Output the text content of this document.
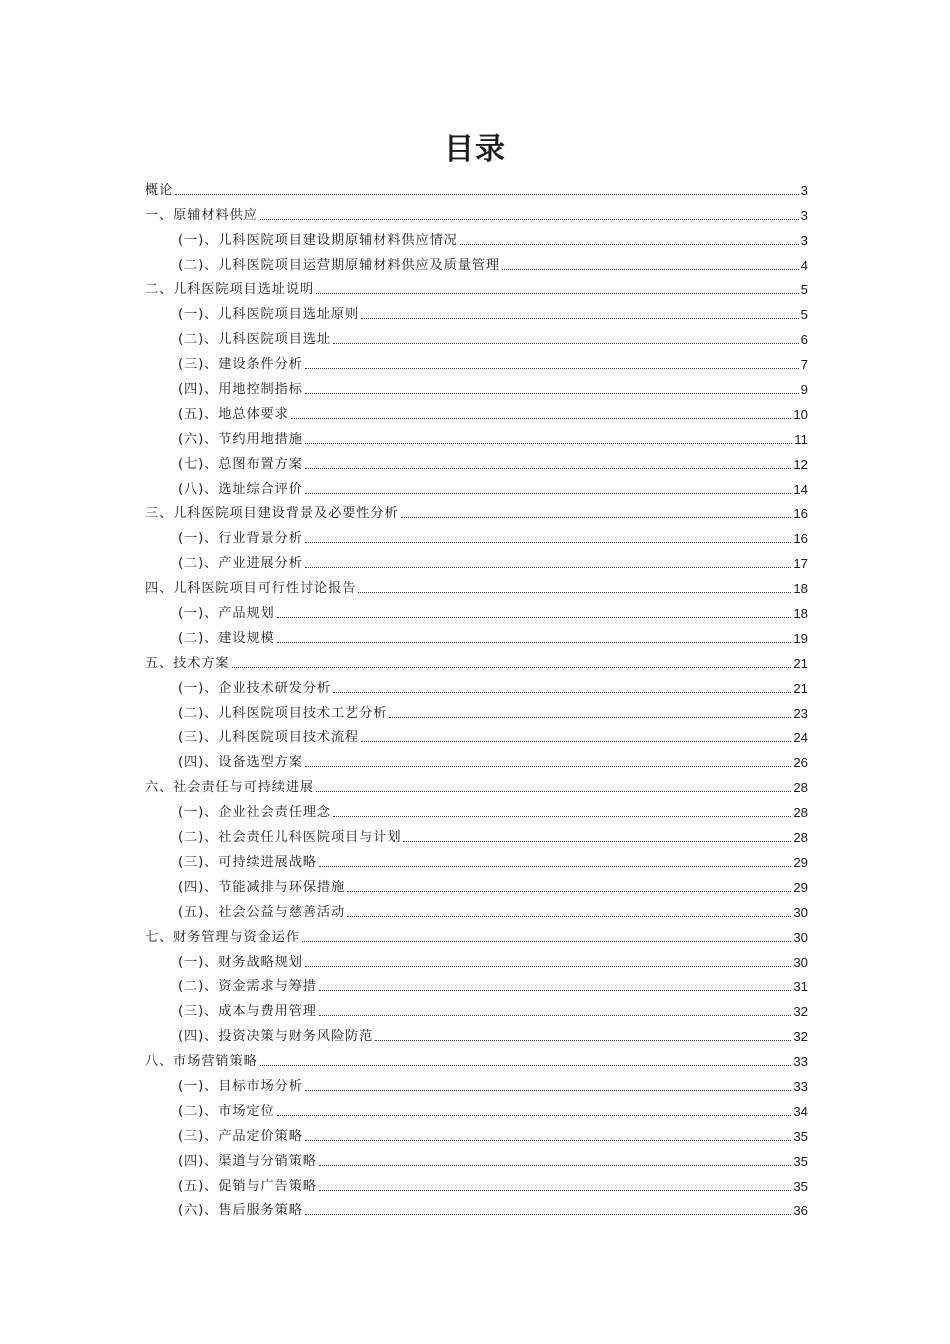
目录
概论	3
一、原辅材料供应	3
(一)、儿科医院项目建设期原辅材料供应情况	3
(二)、儿科医院项目运营期原辅材料供应及质量管理	4
二、儿科医院项目选址说明	5
(一)、儿科医院项目选址原则	5
(二)、儿科医院项目选址	6
(三)、建设条件分析	7
(四)、用地控制指标	9
(五)、地总体要求	10
(六)、节约用地措施	11
(七)、总图布置方案	12
(八)、选址综合评价	14
三、儿科医院项目建设背景及必要性分析	16
(一)、行业背景分析	16
(二)、产业进展分析	17
四、儿科医院项目可行性讨论报告	18
(一)、产品规划	18
(二)、建设规模	19
五、技术方案	21
(一)、企业技术研发分析	21
(二)、儿科医院项目技术工艺分析	23
(三)、儿科医院项目技术流程	24
(四)、设备选型方案	26
六、社会责任与可持续进展	28
(一)、企业社会责任理念	28
(二)、社会责任儿科医院项目与计划	28
(三)、可持续进展战略	29
(四)、节能减排与环保措施	29
(五)、社会公益与慈善活动	30
七、财务管理与资金运作	30
(一)、财务战略规划	30
(二)、资金需求与筹措	31
(三)、成本与费用管理	32
(四)、投资决策与财务风险防范	32
八、市场营销策略	33
(一)、目标市场分析	33
(二)、市场定位	34
(三)、产品定价策略	35
(四)、渠道与分销策略	35
(五)、促销与广告策略	35
(六)、售后服务策略	36
